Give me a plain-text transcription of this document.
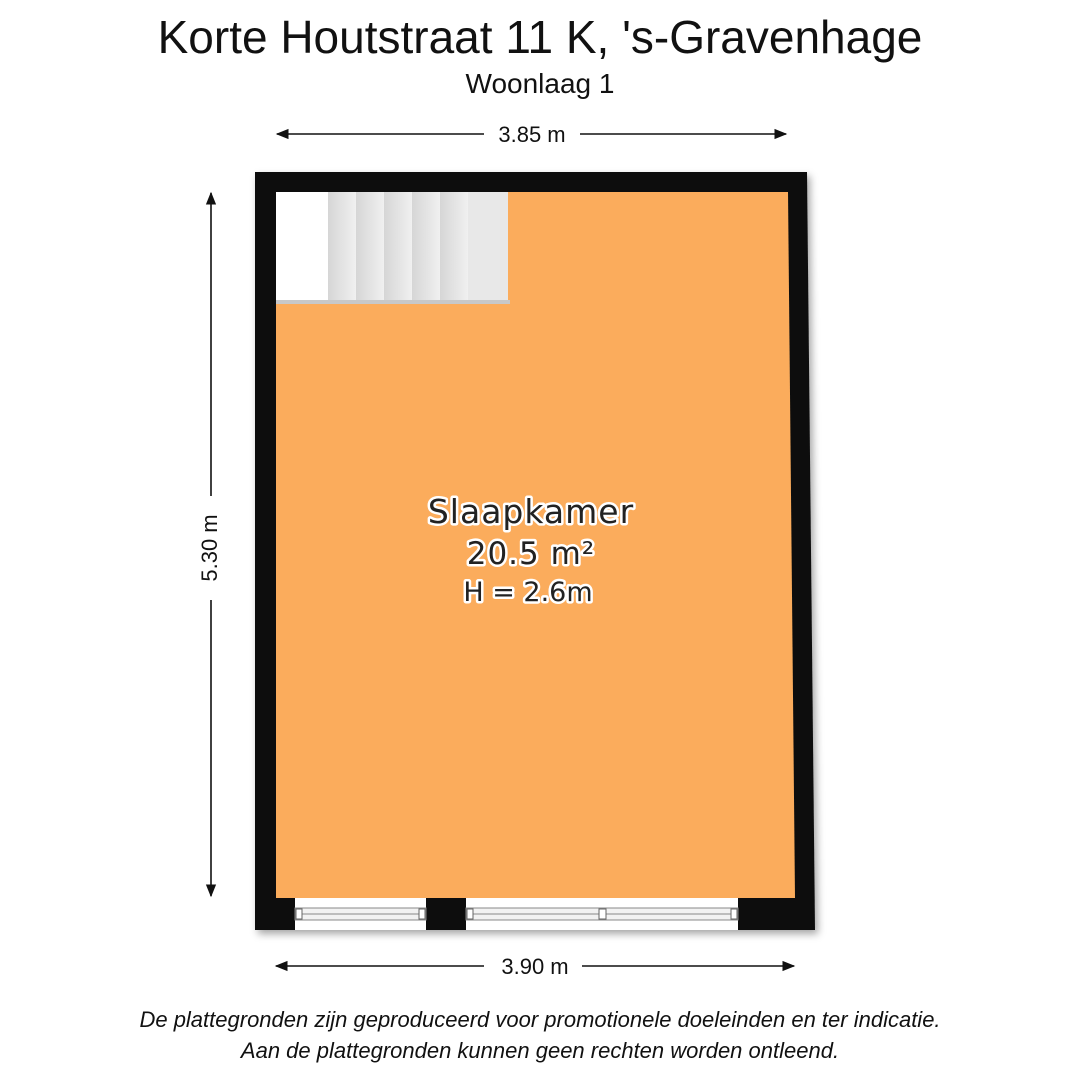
Korte Houtstraat 11 K, 's-Gravenhage
Woonlaag 1
3.85 m
5.30 m
Slaapkamer
20.5 m²
H = 2.6m
3.90 m
De plattegronden zijn geproduceerd voor promotionele doeleinden en ter indicatie.
Aan de plattegronden kunnen geen rechten worden ontleend.
